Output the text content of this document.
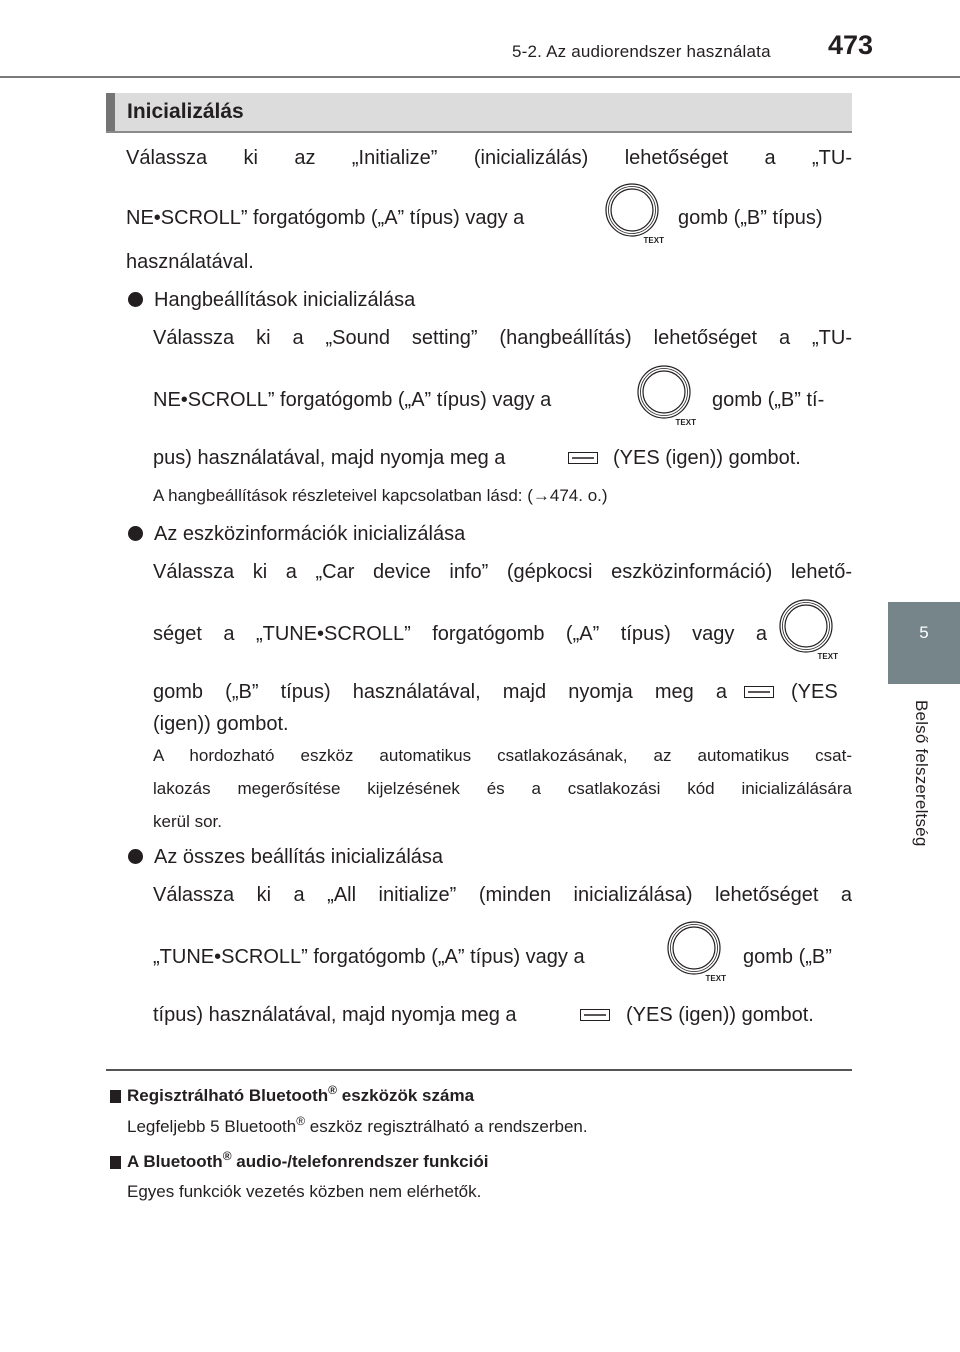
5-2. Az audiorendszer használata 473
5
Belső felszereltség
Inicializálás
Válassza ki az „Initialize” (inicializálás) lehetőséget a „TU-
NE•SCROLL” forgatógomb („A” típus) vagy a
TEXT
gomb („B” típus)
használatával.
Hangbeállítások inicializálása
Válassza ki a „Sound setting” (hangbeállítás) lehetőséget a „TU-
NE•SCROLL” forgatógomb („A” típus) vagy a
TEXT
gomb („B” tí-
pus) használatával, majd nyomja meg a	(YES (igen)) gombot.
A hangbeállítások részleteivel kapcsolatban lásd: (→474. o.)
Az eszközinformációk inicializálása
Válassza ki a „Car device info” (gépkocsi eszközinformáció) lehető-
séget a „TUNE•SCROLL” forgatógomb („A” típus) vagy a
TEXT
gomb („B” típus) használatával, majd nyomja meg a	(YES
(igen)) gombot.
A hordozható eszköz automatikus csatlakozásának, az automatikus csat-
lakozás megerősítése kijelzésének és a csatlakozási kód inicializálására
kerül sor.
Az összes beállítás inicializálása
Válassza ki a „All initialize” (minden inicializálása) lehetőséget a
„TUNE•SCROLL” forgatógomb („A” típus) vagy a
TEXT
gomb („B”
típus) használatával, majd nyomja meg a	(YES (igen)) gombot.
Regisztrálható Bluetooth® eszközök száma
Legfeljebb 5 Bluetooth® eszköz regisztrálható a rendszerben.
A Bluetooth® audio-/telefonrendszer funkciói
Egyes funkciók vezetés közben nem elérhetők.
